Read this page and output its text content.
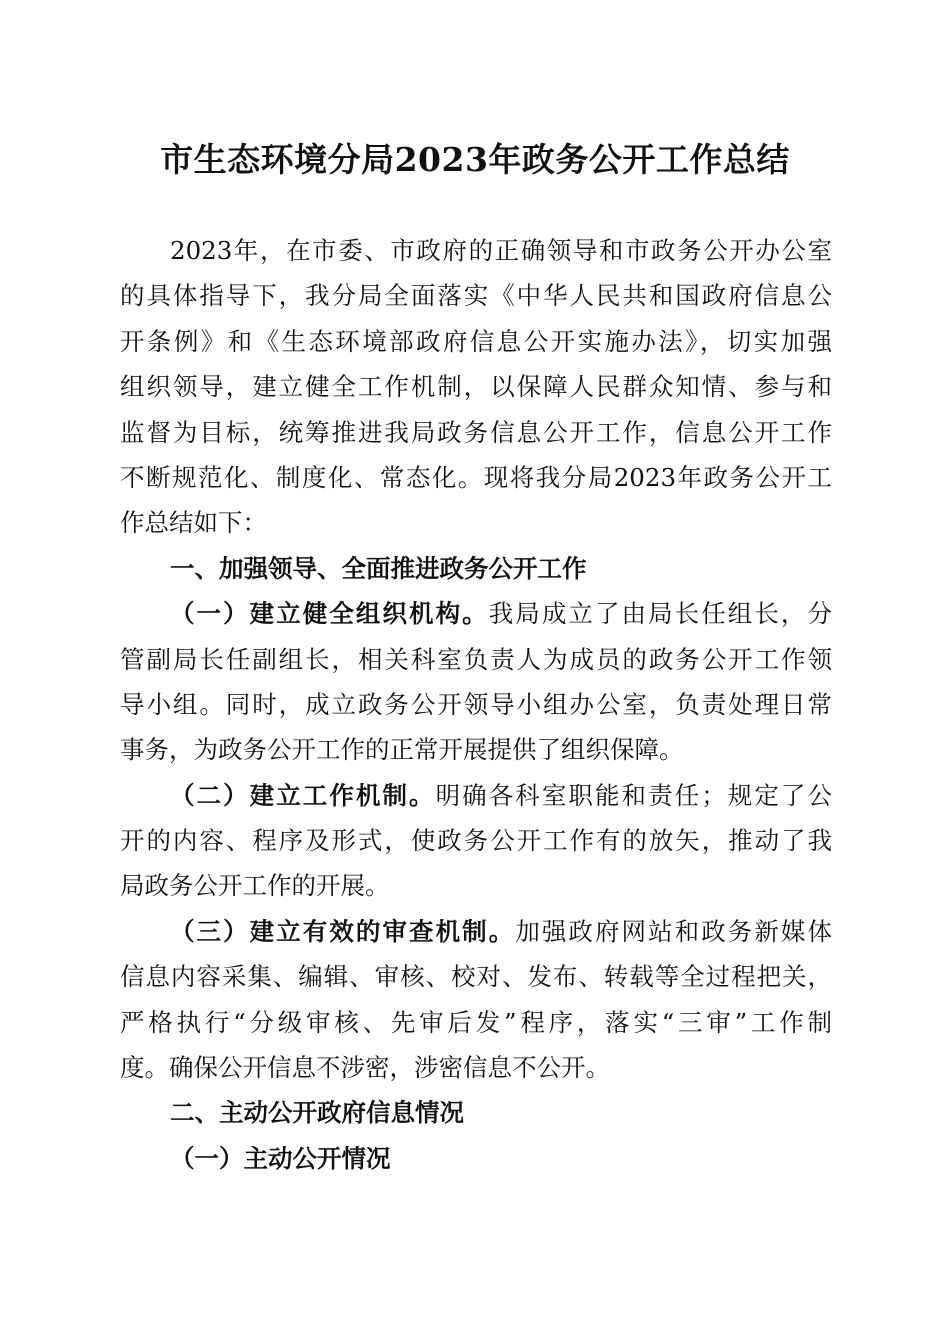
市生态环境分局2023年政务公开工作总结
2023年，在市委、市政府的正确领导和市政务公开办公室
的具体指导下，我分局全面落实《中华人民共和国政府信息公
开条例》和《生态环境部政府信息公开实施办法》，切实加强
组织领导，建立健全工作机制，以保障人民群众知情、参与和
监督为目标，统筹推进我局政务信息公开工作，信息公开工作
不断规范化、制度化、常态化。现将我分局2023年政务公开工
作总结如下：
一、加强领导、全面推进政务公开工作
（一）建立健全组织机构。我局成立了由局长任组长，分
管副局长任副组长，相关科室负责人为成员的政务公开工作领
导小组。同时，成立政务公开领导小组办公室，负责处理日常
事务，为政务公开工作的正常开展提供了组织保障。
（二）建立工作机制。明确各科室职能和责任；规定了公
开的内容、程序及形式，使政务公开工作有的放矢，推动了我
局政务公开工作的开展。
（三）建立有效的审查机制。加强政府网站和政务新媒体
信息内容采集、编辑、审核、校对、发布、转载等全过程把关，
严格执行“分级审核、先审后发”程序，落实“三审”工作制
度。确保公开信息不涉密，涉密信息不公开。
二、主动公开政府信息情况
（一）主动公开情况
